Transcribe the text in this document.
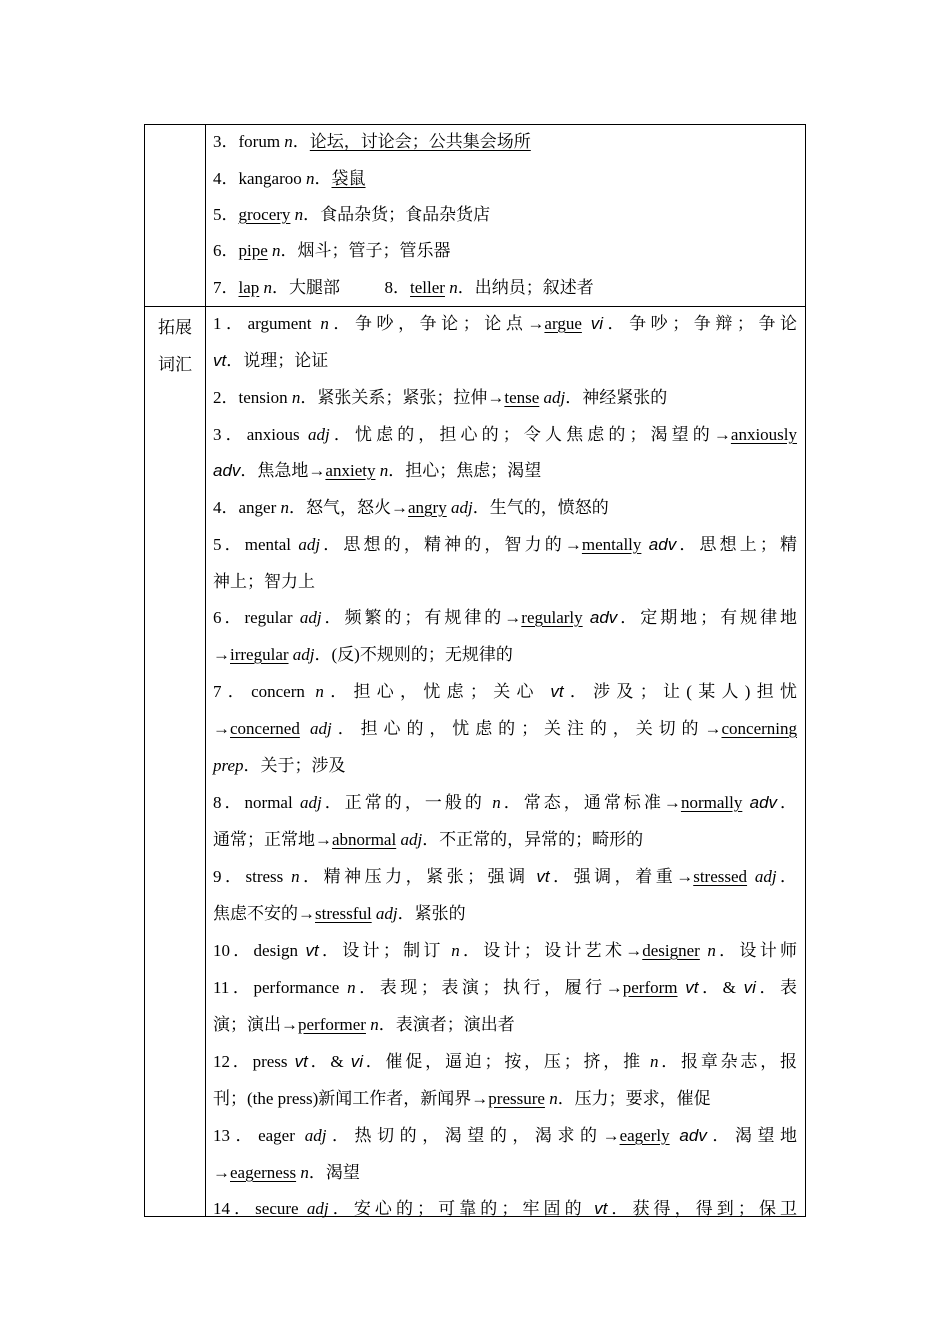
拓展
词汇
3．forum n．论坛，讨论会；公共集会场所
4．kangaroo n．袋鼠
5．grocery n．食品杂货；食品杂货店
6．pipe n．烟斗；管子；管乐器
7．lap n．大腿部	8．teller n．出纳员；叙述者
1．argument n．争吵，争论；论点→argue vi．争吵；争辩；争论
vt．说理；论证
2．tension n．紧张关系；紧张；拉伸→tense adj．神经紧张的
3．anxious adj．忧虑的，担心的；令人焦虑的；渴望的→anxiously
adv．焦急地→anxiety n．担心；焦虑；渴望
4．anger n．怒气，怒火→angry adj．生气的，愤怒的
5．mental adj．思想的，精神的，智力的→mentally adv．思想上；精
神上；智力上
6．regular adj．频繁的；有规律的→regularly adv．定期地；有规律地
→irregular adj．(反)不规则的；无规律的
7．concern n．担心，忧虑；关心 vt．涉及；让(某人)担忧
→concerned adj．担心的，忧虑的；关注的，关切的→concerning
prep．关于；涉及
8．normal adj．正常的，一般的 n．常态，通常标准→normally adv．
通常；正常地→abnormal adj．不正常的，异常的；畸形的
9．stress n．精神压力，紧张；强调 vt．强调，着重→stressed adj．
焦虑不安的→stressful adj．紧张的
10．design vt．设计；制订 n．设计；设计艺术→designer n．设计师
11．performance n．表现；表演；执行，履行→perform vt．& vi．表
演；演出→performer n．表演者；演出者
12．press vt．& vi．催促，逼迫；按，压；挤，推 n．报章杂志，报
刊；(the press)新闻工作者，新闻界→pressure n．压力；要求，催促
13．eager adj．热切的，渴望的，渴求的→eagerly adv．渴望地
→eagerness n．渴望
14．secure adj．安心的；可靠的；牢固的 vt．获得，得到；保卫
